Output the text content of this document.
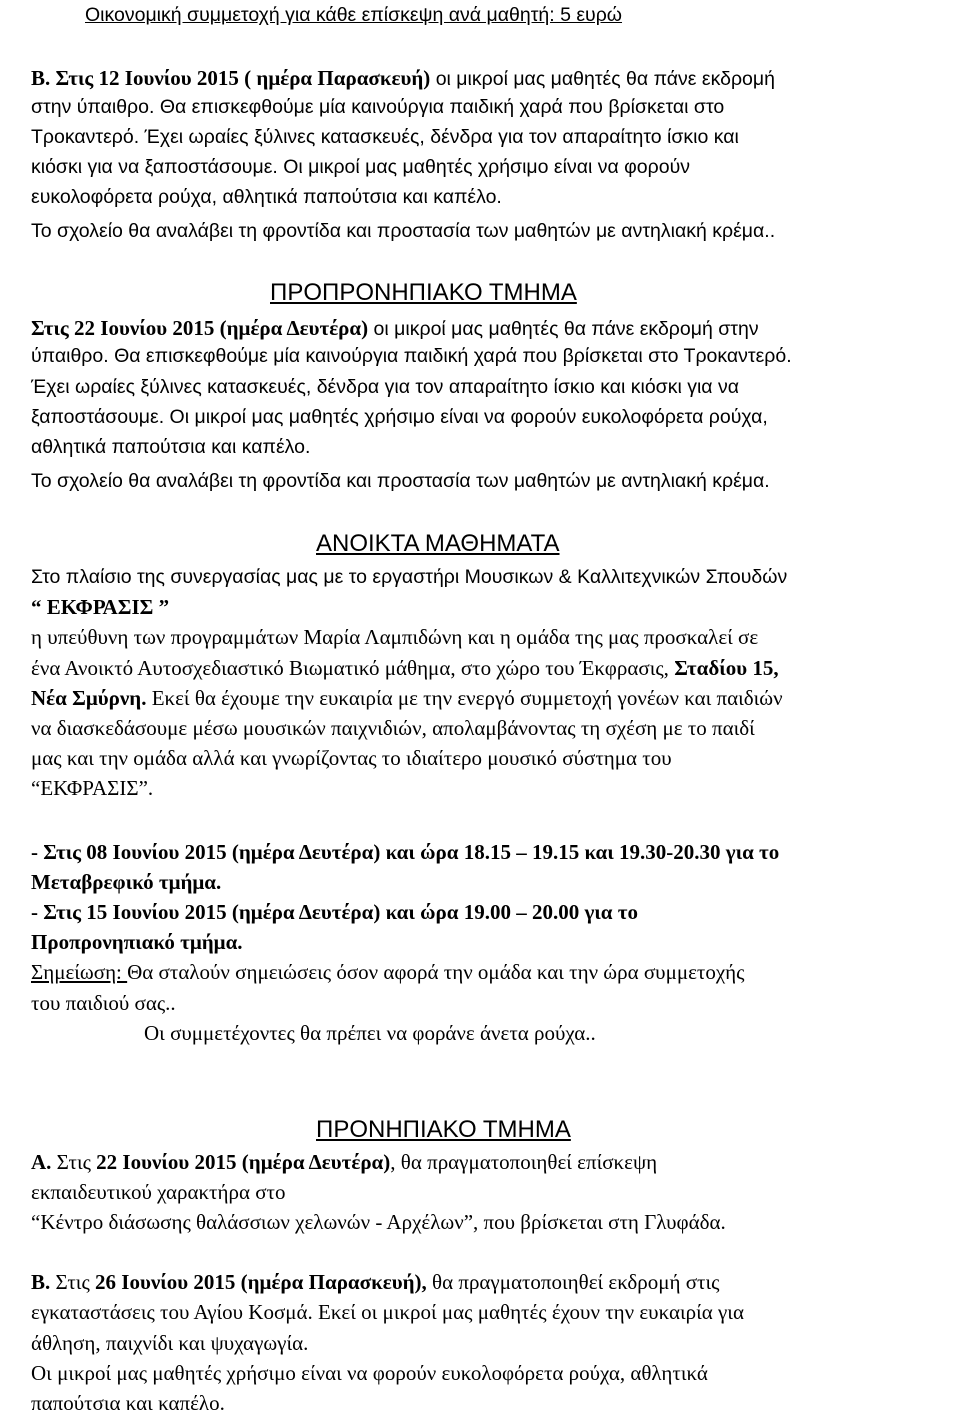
Οικονομική συμμετοχή για κάθε επίσκεψη ανά μαθητή: 5 ευρώ
Β. Στις 12 Ιουνίου 2015 ( ημέρα Παρασκευή) οι μικροί μας μαθητές θα πάνε εκδρομή
στην ύπαιθρο. Θα επισκεφθούμε μία καινούργια παιδική χαρά που βρίσκεται στο
Τροκαντερό. Έχει ωραίες ξύλινες κατασκευές, δένδρα για τον απαραίτητο ίσκιο και
κιόσκι για να ξαποστάσουμε. Οι μικροί μας μαθητές χρήσιμο είναι να φορούν
ευκολοφόρετα ρούχα, αθλητικά παπούτσια και καπέλο.
Το σχολείο θα αναλάβει τη φροντίδα και προστασία των μαθητών με αντηλιακή κρέμα..
ΠΡΟΠΡΟΝΗΠΙΑΚΟ ΤΜΗΜΑ
Στις 22 Ιουνίου 2015 (ημέρα Δευτέρα) οι μικροί μας μαθητές θα πάνε εκδρομή στην
ύπαιθρο. Θα επισκεφθούμε μία καινούργια παιδική χαρά που βρίσκεται στο Τροκαντερό.
Έχει ωραίες ξύλινες κατασκευές, δένδρα για τον απαραίτητο ίσκιο και κιόσκι για να
ξαποστάσουμε. Οι μικροί μας μαθητές χρήσιμο είναι να φορούν ευκολοφόρετα ρούχα,
αθλητικά παπούτσια και καπέλο.
Το σχολείο θα αναλάβει τη φροντίδα και προστασία των μαθητών με αντηλιακή κρέμα.
ΑΝΟΙΚΤΑ ΜΑΘΗΜΑΤΑ
Στο πλαίσιο της συνεργασίας μας με το εργαστήρι Μουσικων & Καλλιτεχνικών Σπουδών
“ ΕΚΦΡΑΣΙΣ ”
η υπεύθυνη των προγραμμάτων Μαρία Λαμπιδώνη και η ομάδα της μας προσκαλεί σε
ένα Ανοικτό Αυτοσχεδιαστικό Βιωματικό μάθημα, στο χώρο του Έκφρασις, Σταδίου 15,
Νέα Σμύρνη. Εκεί θα έχουμε την ευκαιρία με την ενεργό συμμετοχή γονέων και παιδιών
να διασκεδάσουμε μέσω μουσικών παιχνιδιών, απολαμβάνοντας τη σχέση με το παιδί
μας και την ομάδα αλλά και γνωρίζοντας το ιδιαίτερο μουσικό σύστημα του
“ΕΚΦΡΑΣΙΣ”.
- Στις 08 Ιουνίου 2015 (ημέρα Δευτέρα) και ώρα 18.15 – 19.15 και 19.30-20.30 για το
Μεταβρεφικό τμήμα.
- Στις 15 Ιουνίου 2015 (ημέρα Δευτέρα) και ώρα 19.00 – 20.00 για το
Προπρονηπιακό τμήμα.
Σημείωση: Θα σταλούν σημειώσεις όσον αφορά την ομάδα και την ώρα συμμετοχής
του παιδιού σας..
Οι συμμετέχοντες θα πρέπει να φοράνε άνετα ρούχα..
ΠΡΟΝΗΠΙΑΚΟ ΤΜΗΜΑ
Α. Στις 22 Ιουνίου 2015 (ημέρα Δευτέρα), θα πραγματοποιηθεί επίσκεψη
εκπαιδευτικού χαρακτήρα στο
“Κέντρο διάσωσης θαλάσσιων χελωνών - Αρχέλων”, που βρίσκεται στη Γλυφάδα.
Β. Στις 26 Ιουνίου 2015 (ημέρα Παρασκευή), θα πραγματοποιηθεί εκδρομή στις
εγκαταστάσεις του Αγίου Κοσμά. Εκεί οι μικροί μας μαθητές έχουν την ευκαιρία για
άθληση, παιχνίδι και ψυχαγωγία.
Οι μικροί μας μαθητές χρήσιμο είναι να φορούν ευκολοφόρετα ρούχα, αθλητικά
παπούτσια και καπέλο.
